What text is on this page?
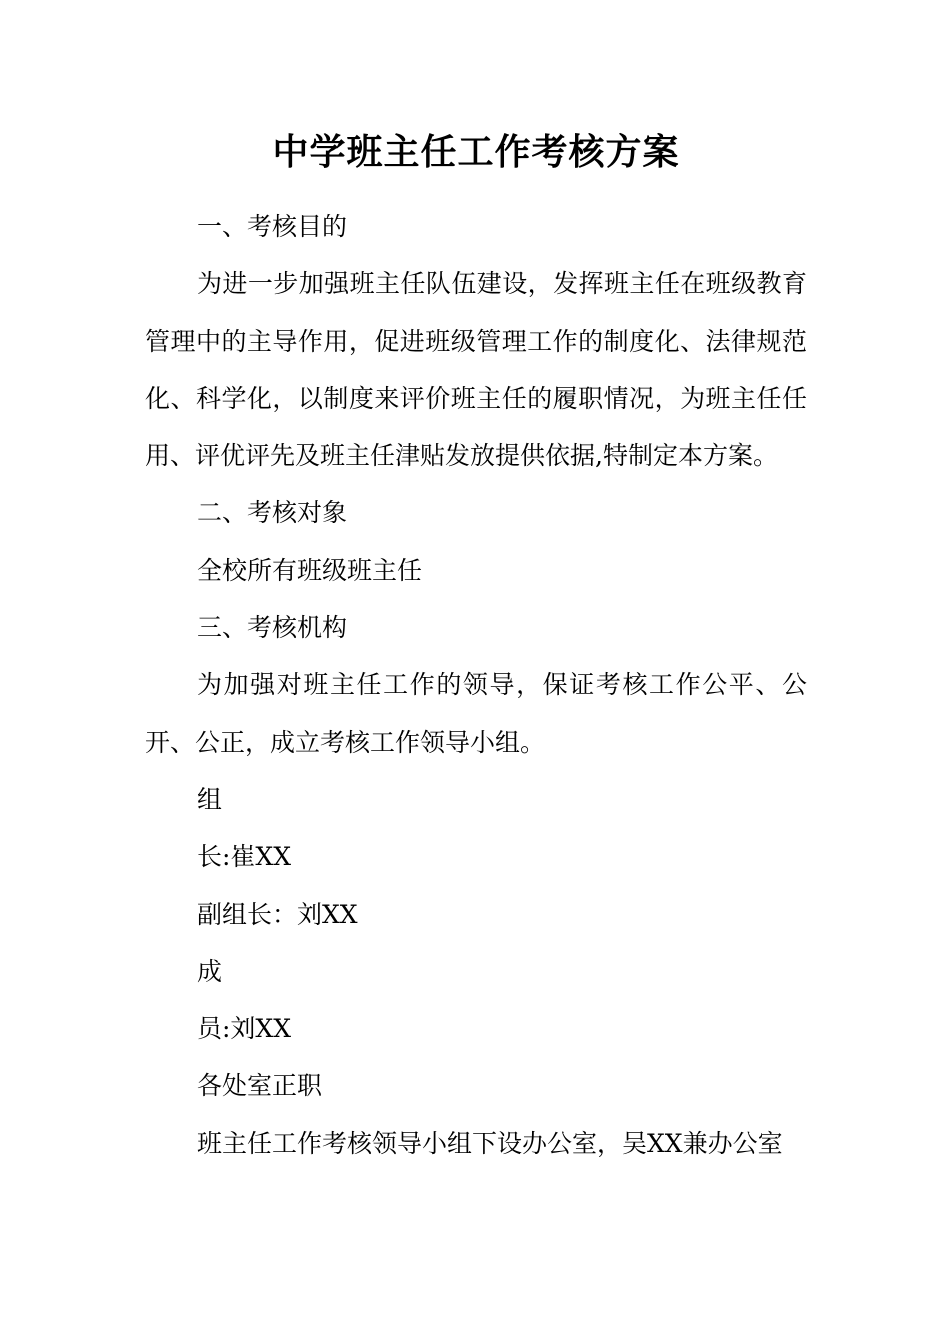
中学班主任工作考核方案

一、考核目的

为进一步加强班主任队伍建设，发挥班主任在班级教育管理中的主导作用，促进班级管理工作的制度化、法律规范化、科学化，以制度来评价班主任的履职情况，为班主任任用、评优评先及班主任津贴发放提供依据,特制定本方案。

二、考核对象

全校所有班级班主任

三、考核机构

为加强对班主任工作的领导，保证考核工作公平、公开、公正，成立考核工作领导小组。

组

长:崔XX

副组长：刘XX

成

员:刘XX

各处室正职

班主任工作考核领导小组下设办公室，吴XX兼办公室
